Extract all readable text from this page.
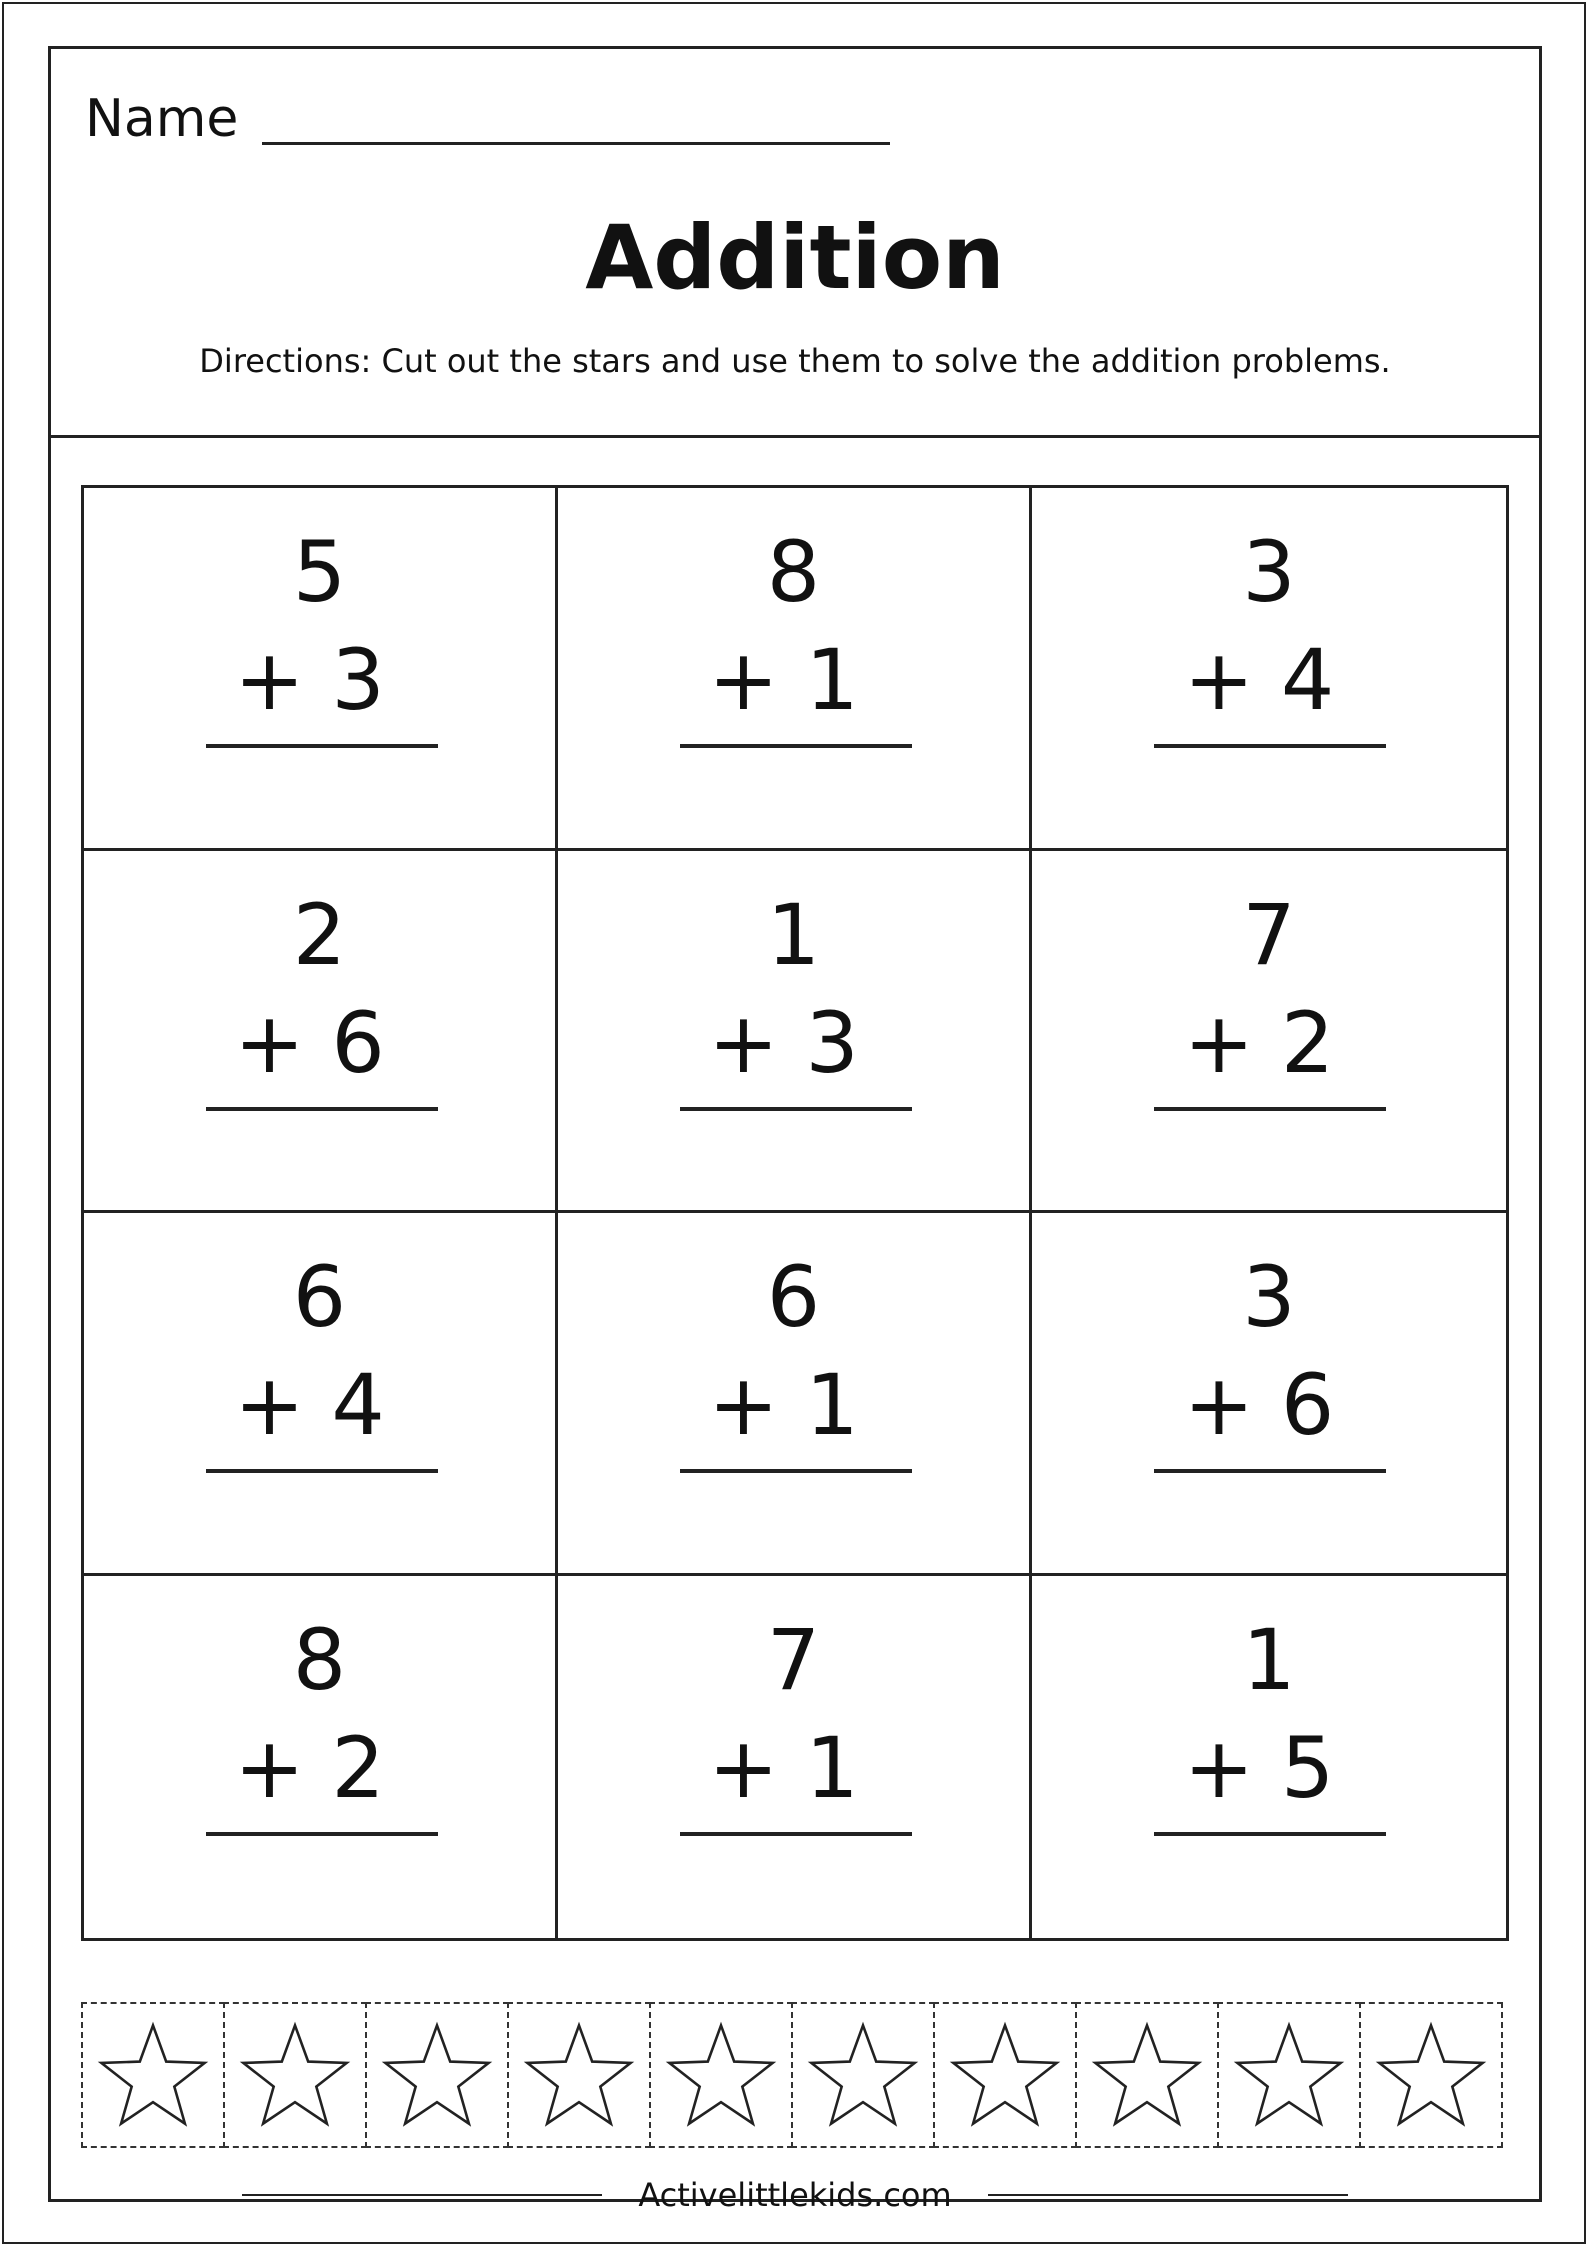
Name
Addition
Directions: Cut out the stars and use them to solve the addition problems.
5
+ 3
8
+ 1
3
+ 4
2
+ 6
1
+ 3
7
+ 2
6
+ 4
6
+ 1
3
+ 6
8
+ 2
7
+ 1
1
+ 5
Activelittlekids.com
